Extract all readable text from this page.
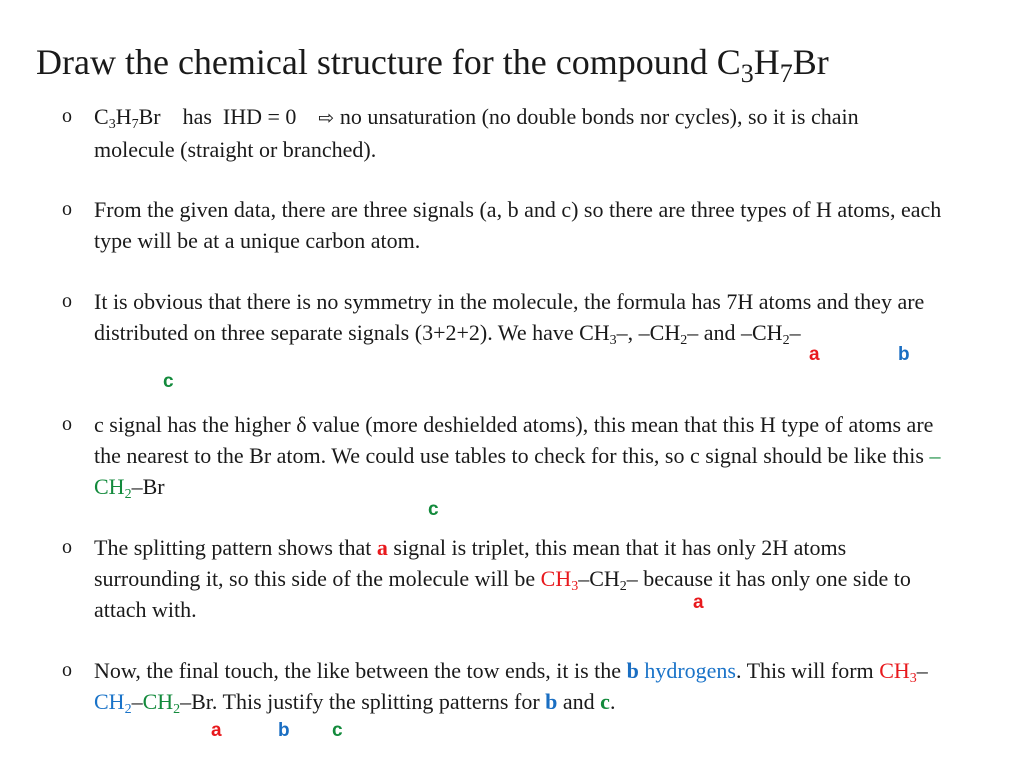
Draw the chemical structure for the compound $C_3H_7Br$
o $C_3H_7Br$    has  IHD = 0    ⇨ no unsaturation (no double bonds nor cycles), so it is chain molecule (straight or branched).
o From the given data, there are three signals (a, b and c) so there are three types of H atoms, each type will be at a unique carbon atom.
o It is obvious that there is no symmetry in the molecule, the formula has 7H atoms and they are distributed on three separate signals (3+2+2). We have $CH_3-$, $-CH_2-$ and $-CH_2-$
a	b
c
o c signal has the higher δ value (more deshielded atoms), this mean that this H type of atoms are the nearest to the Br atom. We could use tables to check for this, so c signal should be like this $-CH_2-Br$
c
o The splitting pattern shows that a signal is triplet, this mean that it has only 2H atoms surrounding it, so this side of the molecule will be $CH_3-CH_2-$ because it has only one side to attach with.	a
o Now, the final touch, the like between the tow ends, it is the b hydrogens. This will form $CH_3-CH_2-CH_2-Br$. This justify the splitting patterns for b and c.
a	b c
